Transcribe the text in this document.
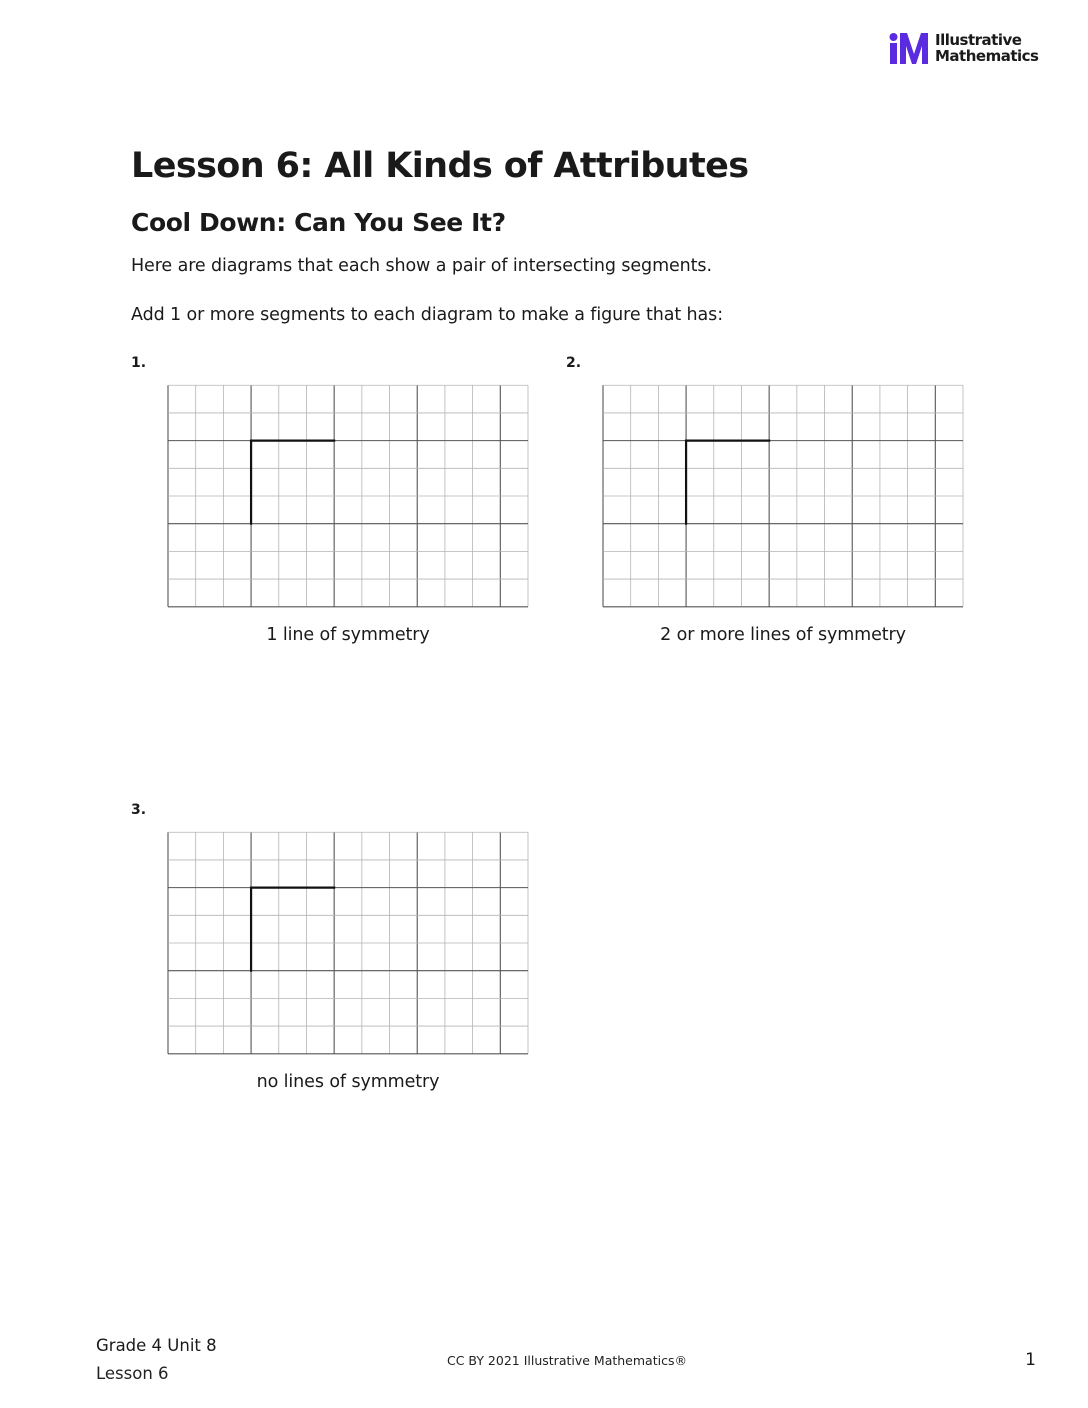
Illustrative
Mathematics
Lesson 6: All Kinds of Attributes
Cool Down: Can You See It?

Here are diagrams that each show a pair of intersecting segments.

Add 1 or more segments to each diagram to make a figure that has:

1.
1 line of symmetry
2.
2 or more lines of symmetry
3.
no lines of symmetry
Grade 4 Unit 8
Lesson 6
CC BY 2021 Illustrative Mathematics®	1
